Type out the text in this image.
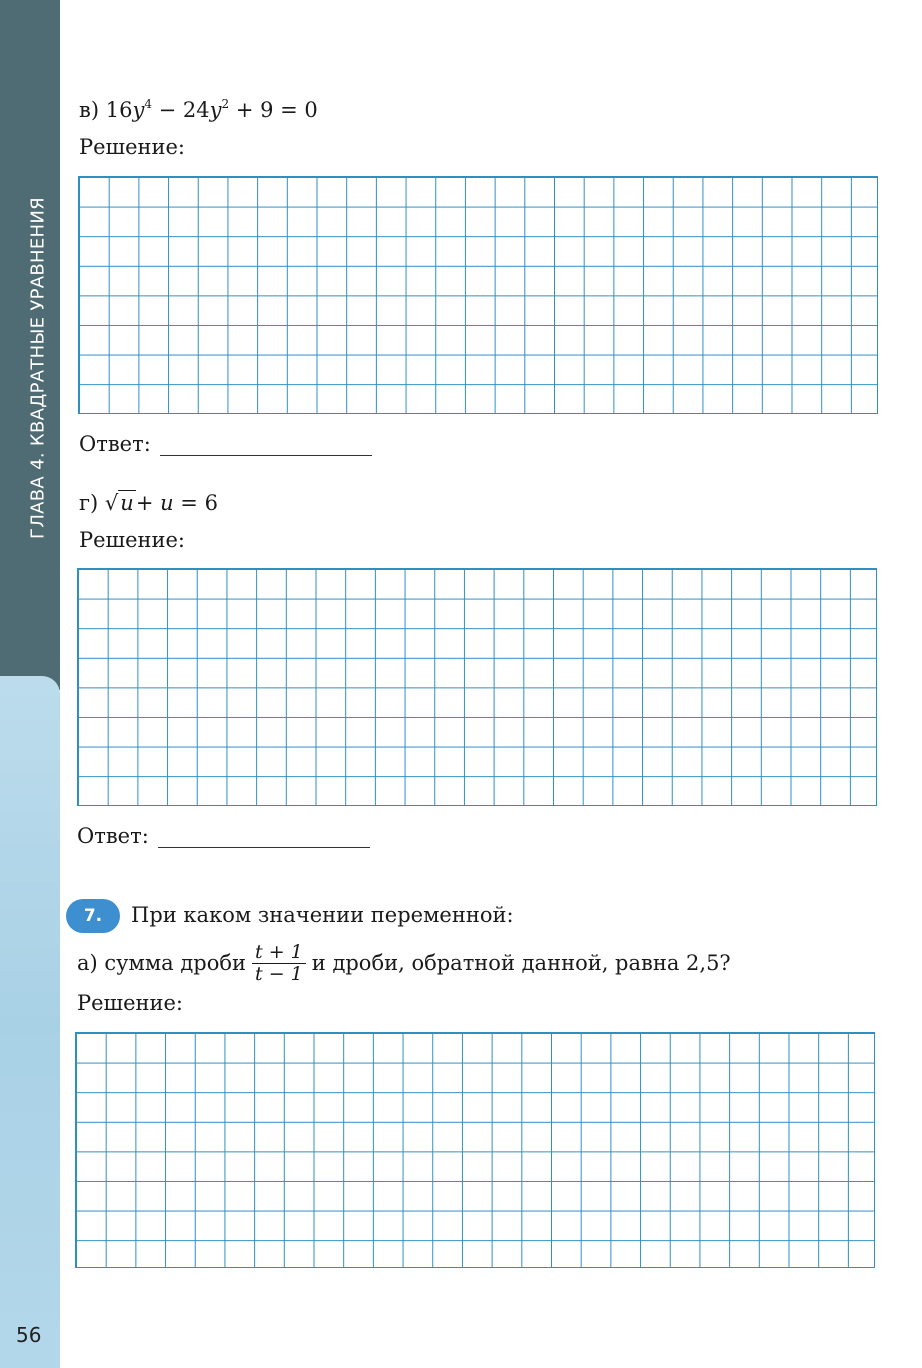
ГЛАВА 4. КВАДРАТНЫЕ УРАВНЕНИЯ
56
в) $16y^4 - 24y^2 + 9 = 0$
Решение:
Ответ:
г) √u+ u = 6
Решение:
Ответ:
7.	При каком значении переменной:
а) сумма дроби $\frac{t + 1}{t - 1}$ и дроби, обратной данной, равна 2,5?
Решение:
